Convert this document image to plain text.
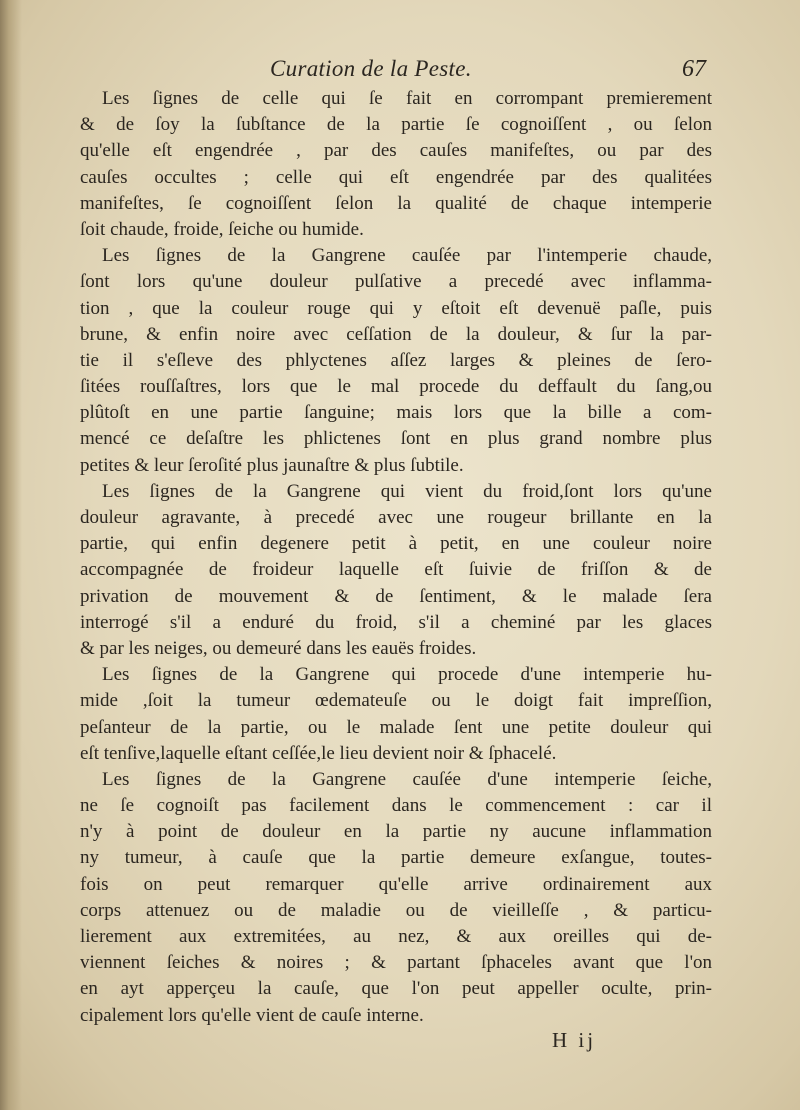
Curation de la Peste.	67
Les ſignes de celle qui ſe fait en corrompant premierement
& de ſoy la ſubſtance de la partie ſe cognoiſſent , ou ſelon
qu'elle eſt engendrée , par des cauſes manifeſtes, ou par des
cauſes occultes ; celle qui eſt engendrée par des qualitées
manifeſtes, ſe cognoiſſent ſelon la qualité de chaque intemperie
ſoit chaude, froide, ſeiche ou humide.
Les ſignes de la Gangrene cauſée par l'intemperie chaude,
ſont lors qu'une douleur pulſative a precedé avec inflamma-
tion , que la couleur rouge qui y eſtoit eſt devenuë paſle, puis
brune, & enfin noire avec ceſſation de la douleur, & ſur la par-
tie il s'eſleve des phlyctenes aſſez larges & pleines de ſero-
ſitées rouſſaſtres, lors que le mal procede du deffault du ſang,ou
plûtoſt en une partie ſanguine; mais lors que la bille a com-
mencé ce deſaſtre les phlictenes ſont en plus grand nombre plus
petites & leur ſeroſité plus jaunaſtre & plus ſubtile.
Les ſignes de la Gangrene qui vient du froid,ſont lors qu'une
douleur agravante, à precedé avec une rougeur brillante en la
partie, qui enfin degenere petit à petit, en une couleur noire
accompagnée de froideur laquelle eſt ſuivie de friſſon & de
privation de mouvement & de ſentiment, & le malade ſera
interrogé s'il a enduré du froid, s'il a cheminé par les glaces
& par les neiges, ou demeuré dans les eauës froides.
Les ſignes de la Gangrene qui procede d'une intemperie hu-
mide ,ſoit la tumeur œdemateuſe ou le doigt fait impreſſion,
peſanteur de la partie, ou le malade ſent une petite douleur qui
eſt tenſive,laquelle eſtant ceſſée,le lieu devient noir & ſphacelé.
Les ſignes de la Gangrene cauſée d'une intemperie ſeiche,
ne ſe cognoiſt pas facilement dans le commencement : car il
n'y à point de douleur en la partie ny aucune inflammation
ny tumeur, à cauſe que la partie demeure exſangue, toutes-
fois on peut remarquer qu'elle arrive ordinairement aux
corps attenuez ou de maladie ou de vieilleſſe , & particu-
lierement aux extremitées, au nez, & aux oreilles qui de-
viennent ſeiches & noires ; & partant ſphaceles avant que l'on
en ayt apperçeu la cauſe, que l'on peut appeller oculte, prin-
cipalement lors qu'elle vient de cauſe interne.
H ij
